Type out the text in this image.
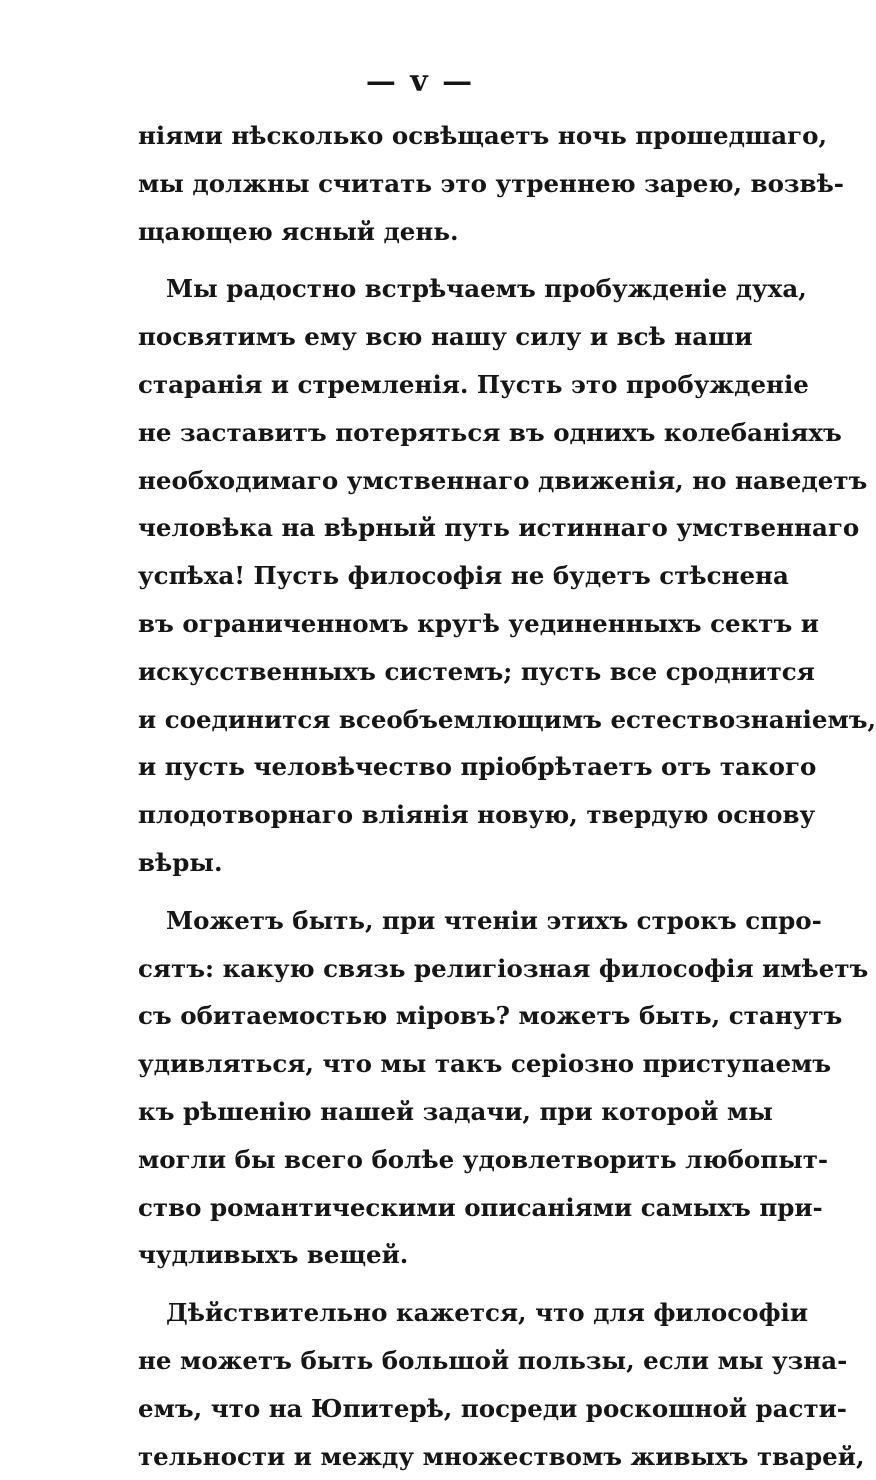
— v —
ніями нѣсколько освѣщаетъ ночь прошедшаго,
мы должны считать это утреннею зарею, возвѣ-
щающею ясный день.
Мы радостно встрѣчаемъ пробужденіе духа,
посвятимъ ему всю нашу силу и всѣ наши
старанія и стремленія. Пусть это пробужденіе
не заставитъ потеряться въ однихъ колебаніяхъ
необходимаго умственнаго движенія, но наведетъ
человѣка на вѣрный путь истиннаго умственнаго
успѣха! Пусть философія не будетъ стѣснена
въ ограниченномъ кругѣ уединенныхъ сектъ и
искусственныхъ системъ; пусть все сроднится
и соединится всеобъемлющимъ естествознаніемъ,
и пусть человѣчество пріобрѣтаетъ отъ такого
плодотворнаго вліянія новую, твердую основу
вѣры.
Можетъ быть, при чтеніи этихъ строкъ спро-
сятъ: какую связь религіозная философія имѣетъ
съ обитаемостью міровъ? можетъ быть, станутъ
удивляться, что мы такъ серіозно приступаемъ
къ рѣшенію нашей задачи, при которой мы
могли бы всего болѣе удовлетворить любопыт-
ство романтическими описаніями самыхъ при-
чудливыхъ вещей.
Дѣйствительно кажется, что для философіи
не можетъ быть большой пользы, если мы узна-
емъ, что на Юпитерѣ, посреди роскошной расти-
тельности и между множествомъ живыхъ тварей,
